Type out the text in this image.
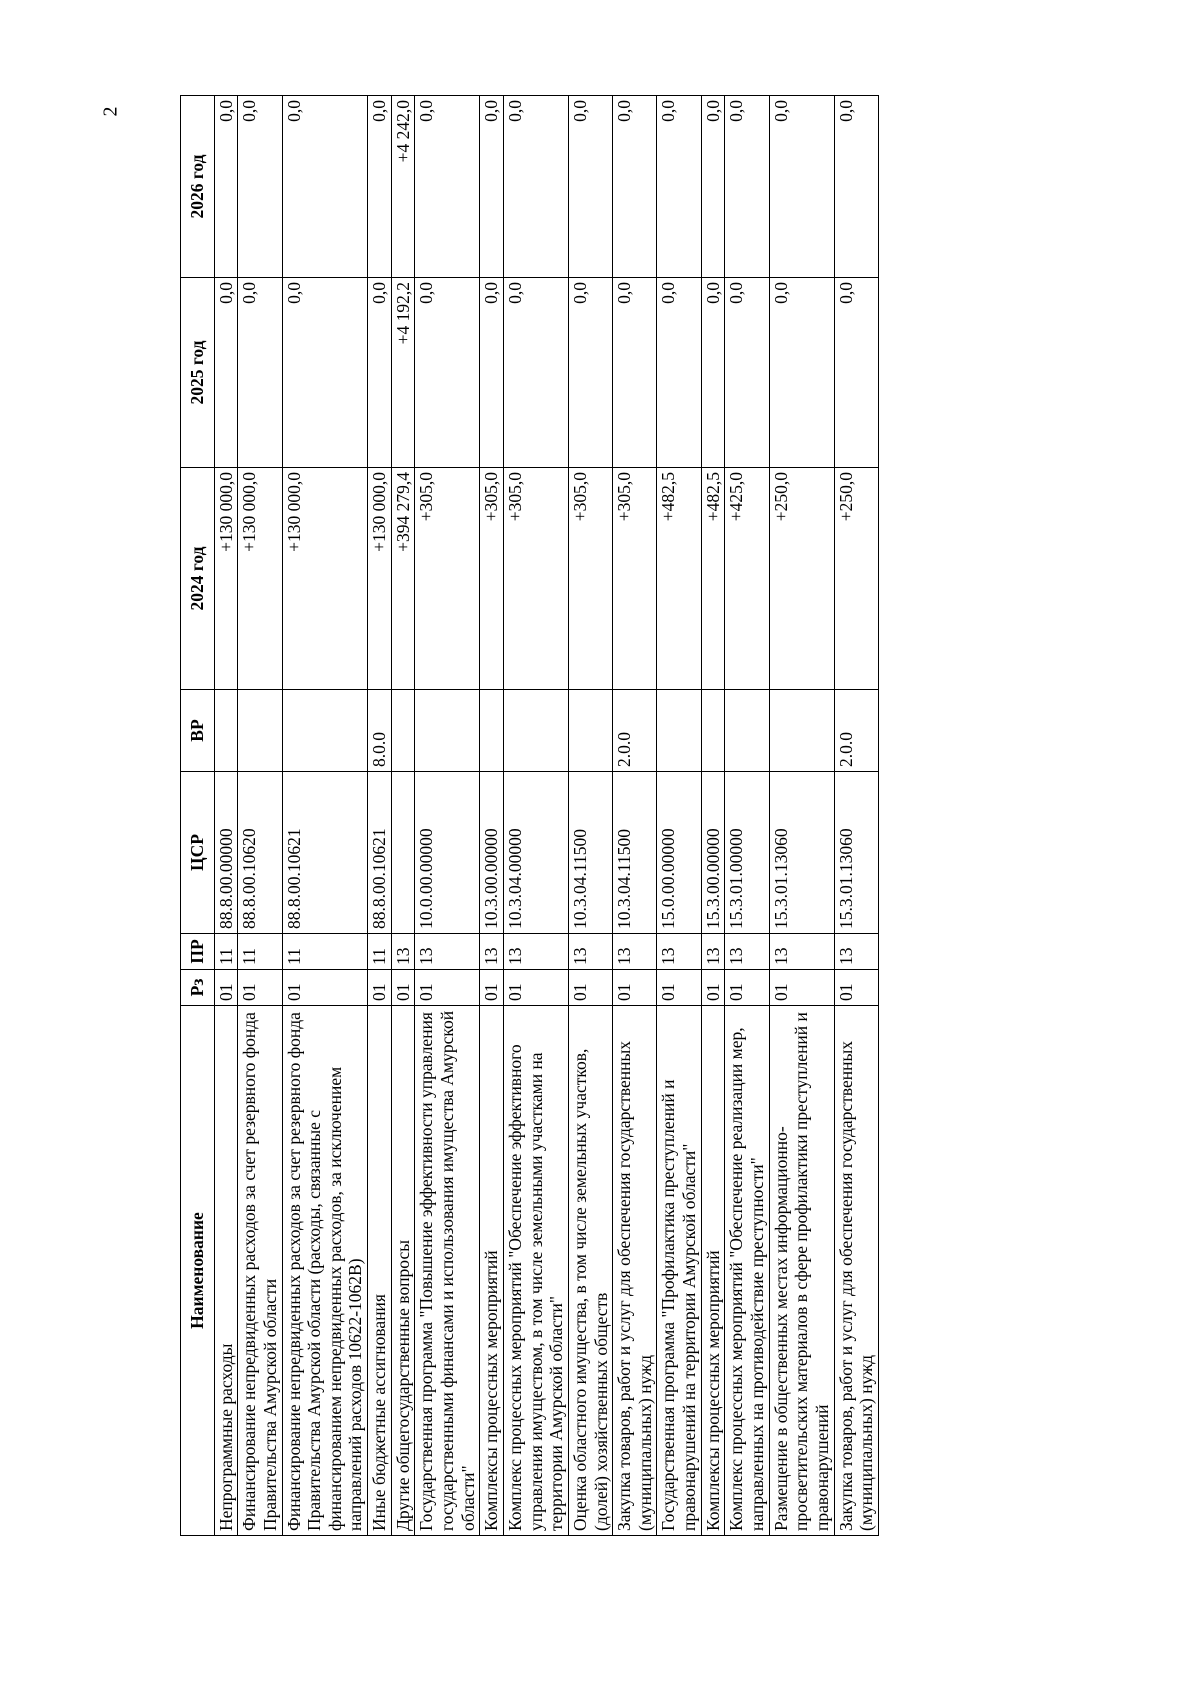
2
Наименование	Рз	ПР	ЦСР	ВР	2024 год	2025 год	2026 год
Непрограммные расходы	01	11	88.8.00.00000		+130 000,0	0,0	0,0
Финансирование непредвиденных расходов за счет резервного фонда Правительства Амурской области	01	11	88.8.00.10620		+130 000,0	0,0	0,0
Финансирование непредвиденных расходов за счет резервного фонда Правительства Амурской области (расходы, связанные с финансированием непредвиденных расходов, за исключением направлений расходов 10622-1062В)	01	11	88.8.00.10621		+130 000,0	0,0	0,0
Иные бюджетные ассигнования	01	11	88.8.00.10621	8.0.0	+130 000,0	0,0	0,0
Другие общегосударственные вопросы	01	13			+394 279,4	+4 192,2	+4 242,0
Государственная программа "Повышение эффективности управления государственными финансами и использования имущества Амурской области"	01	13	10.0.00.00000		+305,0	0,0	0,0
Комплексы процессных мероприятий	01	13	10.3.00.00000		+305,0	0,0	0,0
Комплекс процессных мероприятий "Обеспечение эффективного управления имуществом, в том числе земельными участками на территории Амурской области"	01	13	10.3.04.00000		+305,0	0,0	0,0
Оценка областного имущества, в том числе земельных участков, (долей) хозяйственных обществ	01	13	10.3.04.11500		+305,0	0,0	0,0
Закупка товаров, работ и услуг для обеспечения государственных (муниципальных) нужд	01	13	10.3.04.11500	2.0.0	+305,0	0,0	0,0
Государственная программа "Профилактика преступлений и правонарушений на территории Амурской области"	01	13	15.0.00.00000		+482,5	0,0	0,0
Комплексы процессных мероприятий	01	13	15.3.00.00000		+482,5	0,0	0,0
Комплекс процессных мероприятий "Обеспечение реализации мер, направленных на противодействие преступности"	01	13	15.3.01.00000		+425,0	0,0	0,0
Размещение в общественных местах информационно-просветительских материалов в сфере профилактики преступлений и правонарушений	01	13	15.3.01.13060		+250,0	0,0	0,0
Закупка товаров, работ и услуг для обеспечения государственных (муниципальных) нужд	01	13	15.3.01.13060	2.0.0	+250,0	0,0	0,0
